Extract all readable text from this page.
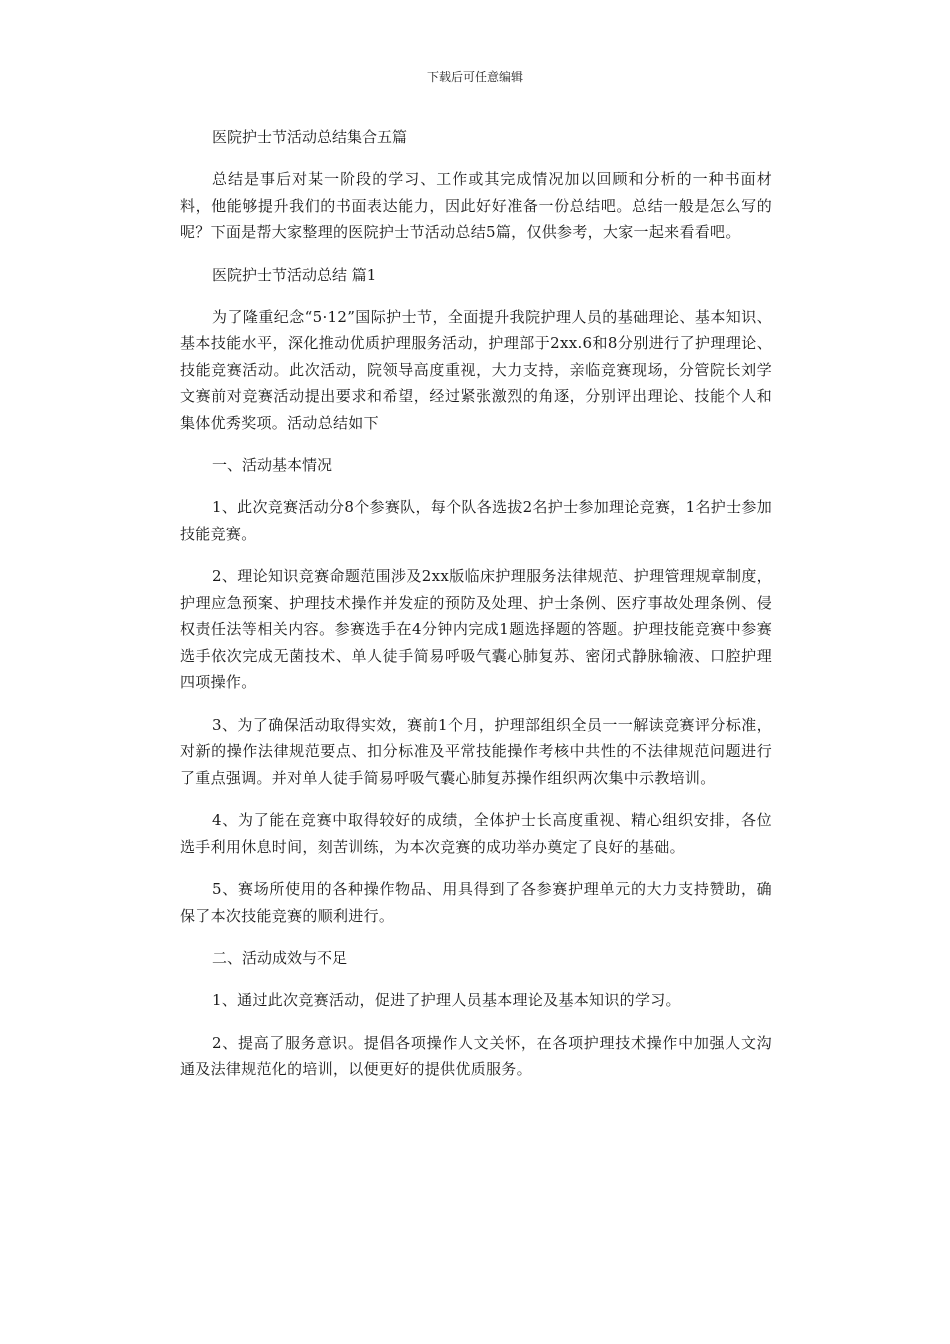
下载后可任意编辑
医院护士节活动总结集合五篇

总结是事后对某一阶段的学习、工作或其完成情况加以回顾和分析的一种书面材料，他能够提升我们的书面表达能力，因此好好准备一份总结吧。总结一般是怎么写的呢？下面是帮大家整理的医院护士节活动总结5篇，仅供参考，大家一起来看看吧。

医院护士节活动总结 篇1

为了隆重纪念“5·12”国际护士节，全面提升我院护理人员的基础理论、基本知识、基本技能水平，深化推动优质护理服务活动，护理部于2xx.6和8分别进行了护理理论、技能竞赛活动。此次活动，院领导高度重视，大力支持，亲临竞赛现场，分管院长刘学文赛前对竞赛活动提出要求和希望，经过紧张激烈的角逐，分别评出理论、技能个人和集体优秀奖项。活动总结如下

一、活动基本情况

1、此次竞赛活动分8个参赛队，每个队各选拔2名护士参加理论竞赛，1名护士参加技能竞赛。

2、理论知识竞赛命题范围涉及2xx版临床护理服务法律规范、护理管理规章制度，护理应急预案、护理技术操作并发症的预防及处理、护士条例、医疗事故处理条例、侵权责任法等相关内容。参赛选手在4分钟内完成1题选择题的答题。护理技能竞赛中参赛选手依次完成无菌技术、单人徒手简易呼吸气囊心肺复苏、密闭式静脉输液、口腔护理四项操作。

3、为了确保活动取得实效，赛前1个月，护理部组织全员一一解读竞赛评分标准，对新的操作法律规范要点、扣分标准及平常技能操作考核中共性的不法律规范问题进行了重点强调。并对单人徒手简易呼吸气囊心肺复苏操作组织两次集中示教培训。

4、为了能在竞赛中取得较好的成绩，全体护士长高度重视、精心组织安排，各位选手利用休息时间，刻苦训练，为本次竞赛的成功举办奠定了良好的基础。

5、赛场所使用的各种操作物品、用具得到了各参赛护理单元的大力支持赞助，确保了本次技能竞赛的顺利进行。

二、活动成效与不足

1、通过此次竞赛活动，促进了护理人员基本理论及基本知识的学习。

2、提高了服务意识。提倡各项操作人文关怀，在各项护理技术操作中加强人文沟通及法律规范化的培训，以便更好的提供优质服务。
